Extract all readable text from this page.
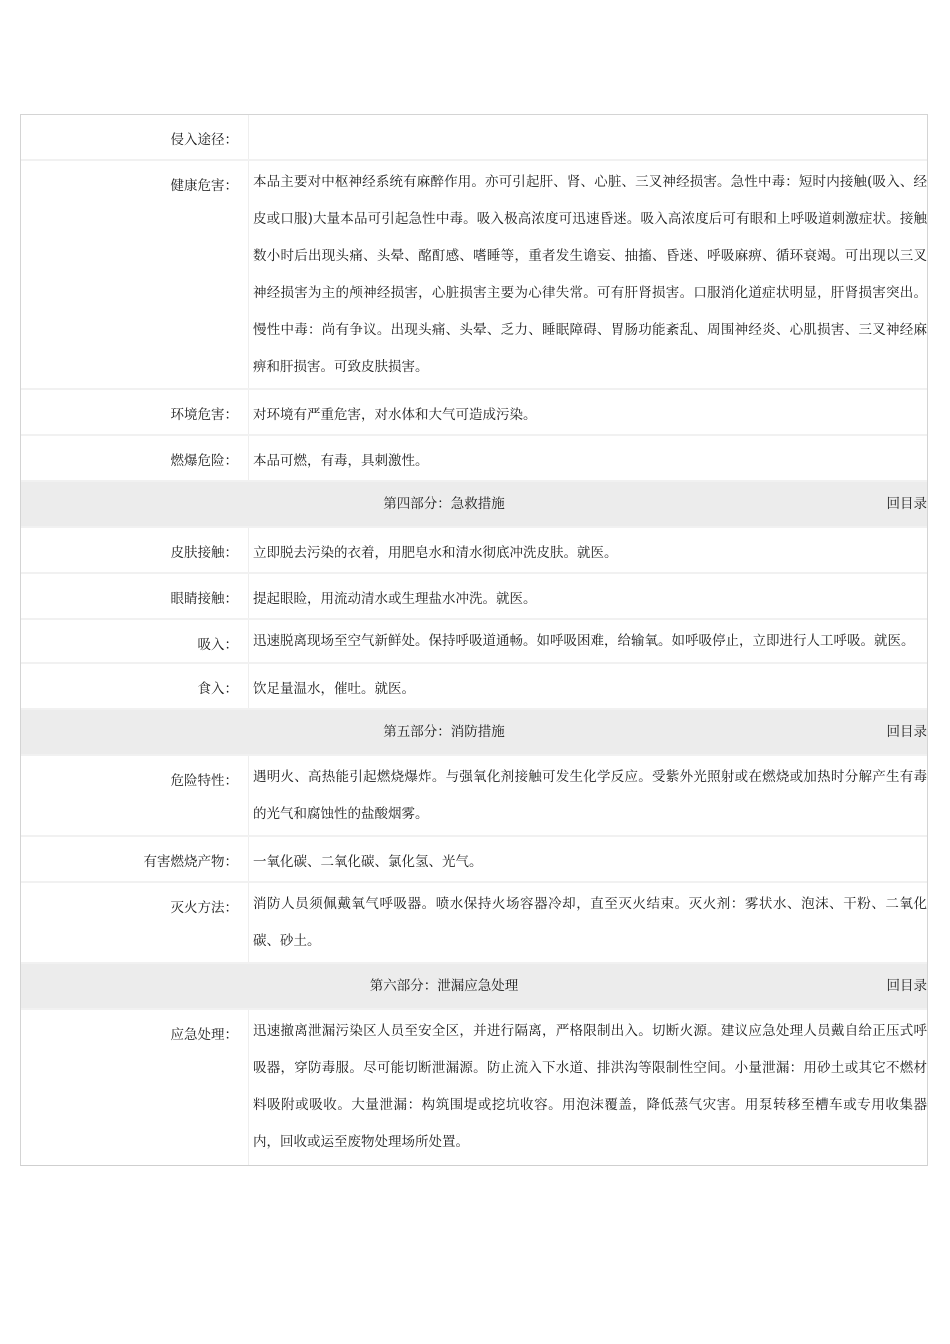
侵入途径：
健康危害：	本品主要对中枢神经系统有麻醉作用。亦可引起肝、肾、心脏、三叉神经损害。急性中毒：短时内接触(吸入、经皮或口服)大量本品可引起急性中毒。吸入极高浓度可迅速昏迷。吸入高浓度后可有眼和上呼吸道刺激症状。接触数小时后出现头痛、头晕、酩酊感、嗜睡等，重者发生谵妄、抽搐、昏迷、呼吸麻痹、循环衰竭。可出现以三叉神经损害为主的颅神经损害，心脏损害主要为心律失常。可有肝肾损害。口服消化道症状明显，肝肾损害突出。慢性中毒：尚有争议。出现头痛、头晕、乏力、睡眠障碍、胃肠功能紊乱、周围神经炎、心肌损害、三叉神经麻痹和肝损害。可致皮肤损害。
环境危害：	对环境有严重危害，对水体和大气可造成污染。
燃爆危险：	本品可燃，有毒，具刺激性。
第四部分：急救措施	回目录
皮肤接触：	立即脱去污染的衣着，用肥皂水和清水彻底冲洗皮肤。就医。
眼睛接触：	提起眼睑，用流动清水或生理盐水冲洗。就医。
吸入：	迅速脱离现场至空气新鲜处。保持呼吸道通畅。如呼吸困难，给输氧。如呼吸停止，立即进行人工呼吸。就医。
食入：	饮足量温水，催吐。就医。
第五部分：消防措施	回目录
危险特性：	遇明火、高热能引起燃烧爆炸。与强氧化剂接触可发生化学反应。受紫外光照射或在燃烧或加热时分解产生有毒的光气和腐蚀性的盐酸烟雾。
有害燃烧产物：	一氧化碳、二氧化碳、氯化氢、光气。
灭火方法：	消防人员须佩戴氧气呼吸器。喷水保持火场容器冷却，直至灭火结束。灭火剂：雾状水、泡沫、干粉、二氧化碳、砂土。
第六部分：泄漏应急处理	回目录
应急处理：	迅速撤离泄漏污染区人员至安全区，并进行隔离，严格限制出入。切断火源。建议应急处理人员戴自给正压式呼吸器，穿防毒服。尽可能切断泄漏源。防止流入下水道、排洪沟等限制性空间。小量泄漏：用砂土或其它不燃材料吸附或吸收。大量泄漏：构筑围堤或挖坑收容。用泡沫覆盖，降低蒸气灾害。用泵转移至槽车或专用收集器内，回收或运至废物处理场所处置。
